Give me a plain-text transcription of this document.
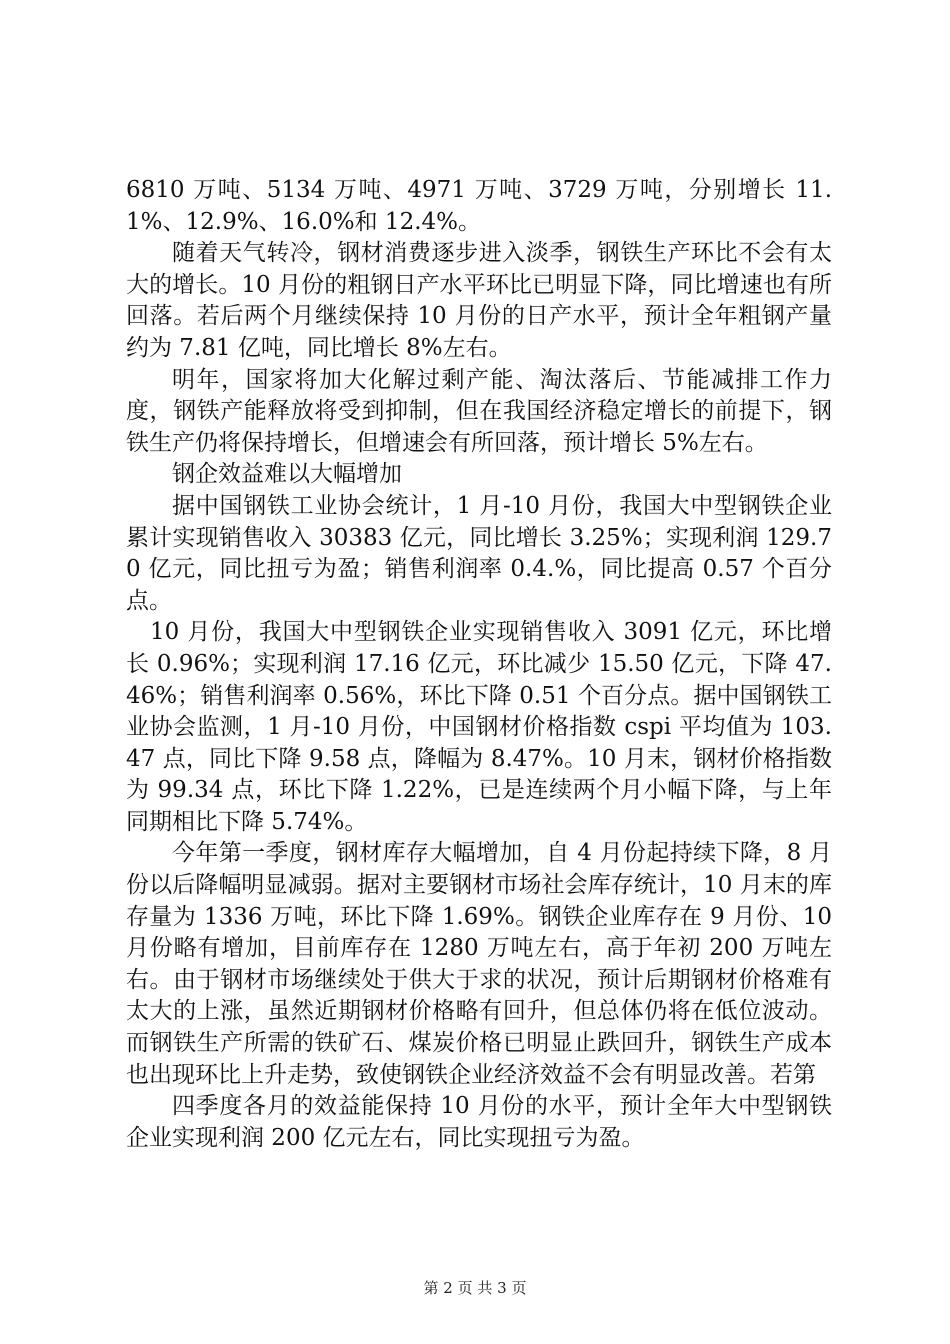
6810 万吨、5134 万吨、4971 万吨、3729 万吨，分别增长 11.1%、12.9%、16.0%和 12.4%。

随着天气转冷，钢材消费逐步进入淡季，钢铁生产环比不会有太大的增长。10 月份的粗钢日产水平环比已明显下降，同比增速也有所回落。若后两个月继续保持 10 月份的日产水平，预计全年粗钢产量约为 7.81 亿吨，同比增长 8%左右。

明年，国家将加大化解过剩产能、淘汰落后、节能减排工作力度，钢铁产能释放将受到抑制，但在我国经济稳定增长的前提下，钢铁生产仍将保持增长，但增速会有所回落，预计增长 5%左右。

钢企效益难以大幅增加

据中国钢铁工业协会统计，1 月-10 月份，我国大中型钢铁企业累计实现销售收入 30383 亿元，同比增长 3.25%；实现利润 129.70 亿元，同比扭亏为盈；销售利润率 0.4.%，同比提高 0.57 个百分点。

10 月份，我国大中型钢铁企业实现销售收入 3091 亿元，环比增长 0.96%；实现利润 17.16 亿元，环比减少 15.50 亿元，下降 47.46%；销售利润率 0.56%，环比下降 0.51 个百分点。据中国钢铁工业协会监测，1 月-10 月份，中国钢材价格指数 cspi 平均值为 103.47 点，同比下降 9.58 点，降幅为 8.47%。10 月末，钢材价格指数为 99.34 点，环比下降 1.22%，已是连续两个月小幅下降，与上年同期相比下降 5.74%。

今年第一季度，钢材库存大幅增加，自 4 月份起持续下降，8 月份以后降幅明显减弱。据对主要钢材市场社会库存统计，10 月末的库存量为 1336 万吨，环比下降 1.69%。钢铁企业库存在 9 月份、10 月份略有增加，目前库存在 1280 万吨左右，高于年初 200 万吨左右。由于钢材市场继续处于供大于求的状况，预计后期钢材价格难有太大的上涨，虽然近期钢材价格略有回升，但总体仍将在低位波动。而钢铁生产所需的铁矿石、煤炭价格已明显止跌回升，钢铁生产成本也出现环比上升走势，致使钢铁企业经济效益不会有明显改善。若第

四季度各月的效益能保持 10 月份的水平，预计全年大中型钢铁企业实现利润 200 亿元左右，同比实现扭亏为盈。

第 2 页 共 3 页
